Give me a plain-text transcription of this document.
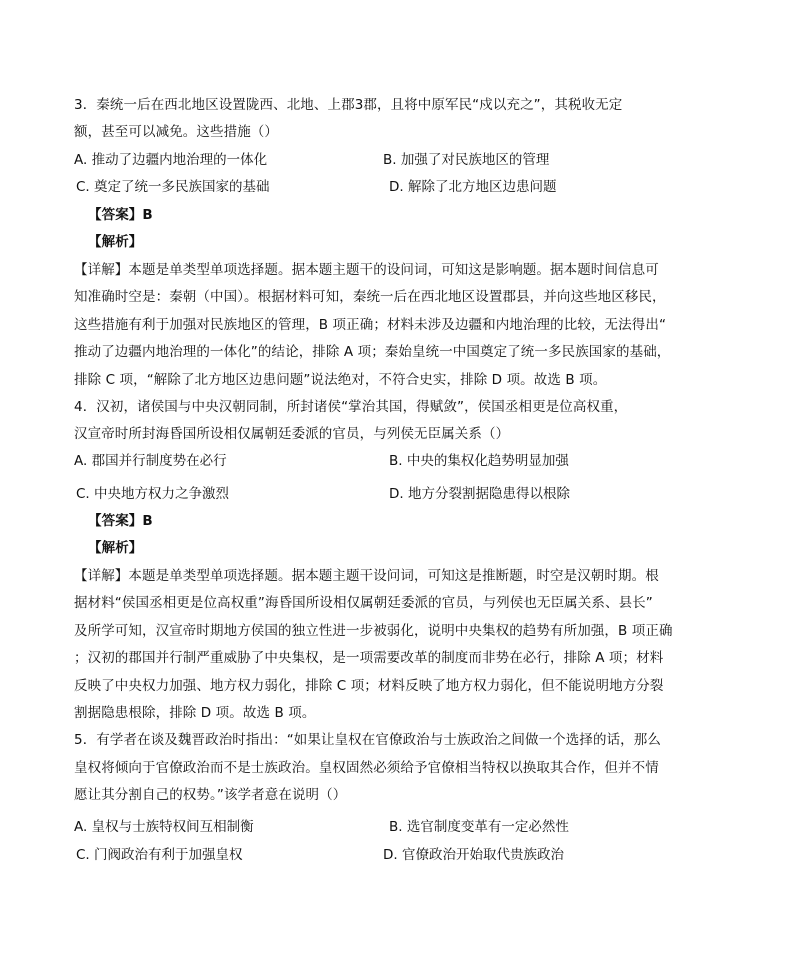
3．秦统一后在西北地区设置陇西、北地、上郡3郡，且将中原军民“戍以充之”，其税收无定
额，甚至可以减免。这些措施（）
A. 推动了边疆内地治理的一体化	B. 加强了对民族地区的管理
C. 奠定了统一多民族国家的基础	D. 解除了北方地区边患问题
【答案】B
【解析】
【详解】本题是单类型单项选择题。据本题主题干的设问词，可知这是影响题。据本题时间信息可
知准确时空是：秦朝（中国）。根据材料可知，秦统一后在西北地区设置郡县，并向这些地区移民，
这些措施有利于加强对民族地区的管理，B 项正确；材料未涉及边疆和内地治理的比较，无法得出“
推动了边疆内地治理的一体化”的结论，排除 A 项；秦始皇统一中国奠定了统一多民族国家的基础，
排除 C 项，“解除了北方地区边患问题”说法绝对，不符合史实，排除 D 项。故选 B 项。
4．汉初，诸侯国与中央汉朝同制，所封诸侯“掌治其国，得赋敛”，侯国丞相更是位高权重，
汉宣帝时所封海昏国所设相仅属朝廷委派的官员，与列侯无臣属关系（）
A. 郡国并行制度势在必行	B. 中央的集权化趋势明显加强
C. 中央地方权力之争激烈	D. 地方分裂割据隐患得以根除
【答案】B
【解析】
【详解】本题是单类型单项选择题。据本题主题干设问词，可知这是推断题，时空是汉朝时期。根
据材料“侯国丞相更是位高权重”海昏国所设相仅属朝廷委派的官员，与列侯也无臣属关系、县长”
及所学可知，汉宣帝时期地方侯国的独立性进一步被弱化，说明中央集权的趋势有所加强，B 项正确
；汉初的郡国并行制严重威胁了中央集权，是一项需要改革的制度而非势在必行，排除 A 项；材料
反映了中央权力加强、地方权力弱化，排除 C 项；材料反映了地方权力弱化，但不能说明地方分裂
割据隐患根除，排除 D 项。故选 B 项。
5．有学者在谈及魏晋政治时指出：“如果让皇权在官僚政治与士族政治之间做一个选择的话，那么
皇权将倾向于官僚政治而不是士族政治。皇权固然必须给予官僚相当特权以换取其合作，但并不情
愿让其分割自己的权势。”该学者意在说明（）
A. 皇权与士族特权间互相制衡	B. 选官制度变革有一定必然性
C. 门阀政治有利于加强皇权	D. 官僚政治开始取代贵族政治
